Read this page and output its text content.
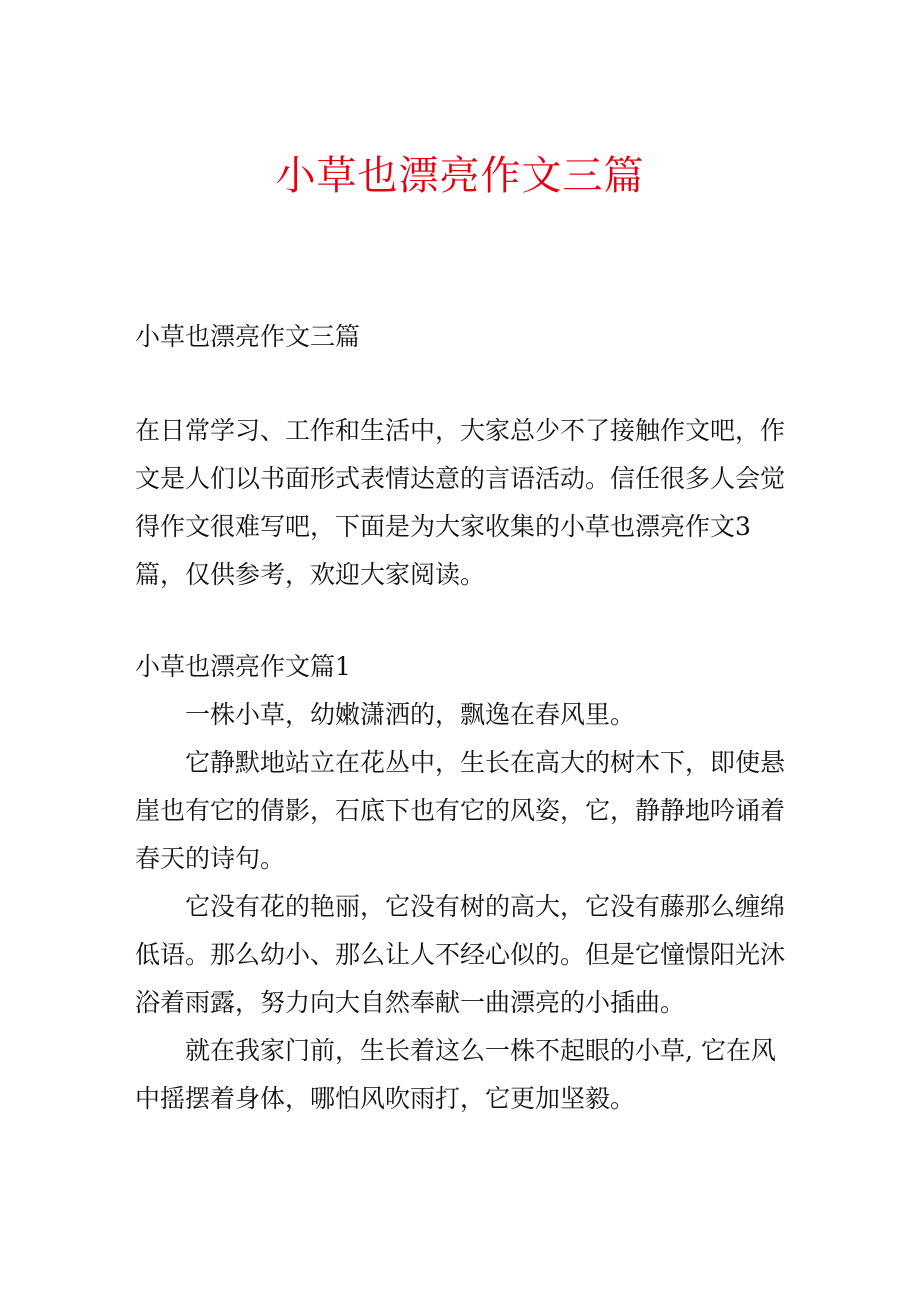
小草也漂亮作文三篇

小草也漂亮作文三篇

在日常学习、工作和生活中，大家总少不了接触作文吧，作文是人们以书面形式表情达意的言语活动。信任很多人会觉得作文很难写吧，下面是为大家收集的小草也漂亮作文3篇，仅供参考，欢迎大家阅读。

小草也漂亮作文篇1

一株小草，幼嫩潇洒的，飘逸在春风里。

它静默地站立在花丛中，生长在高大的树木下，即使悬崖也有它的倩影，石底下也有它的风姿，它，静静地吟诵着春天的诗句。

它没有花的艳丽，它没有树的高大，它没有藤那么缠绵低语。那么幼小、那么让人不经心似的。但是它憧憬阳光沐浴着雨露，努力向大自然奉献一曲漂亮的小插曲。

就在我家门前，生长着这么一株不起眼的小草, 它在风中摇摆着身体，哪怕风吹雨打，它更加坚毅。
